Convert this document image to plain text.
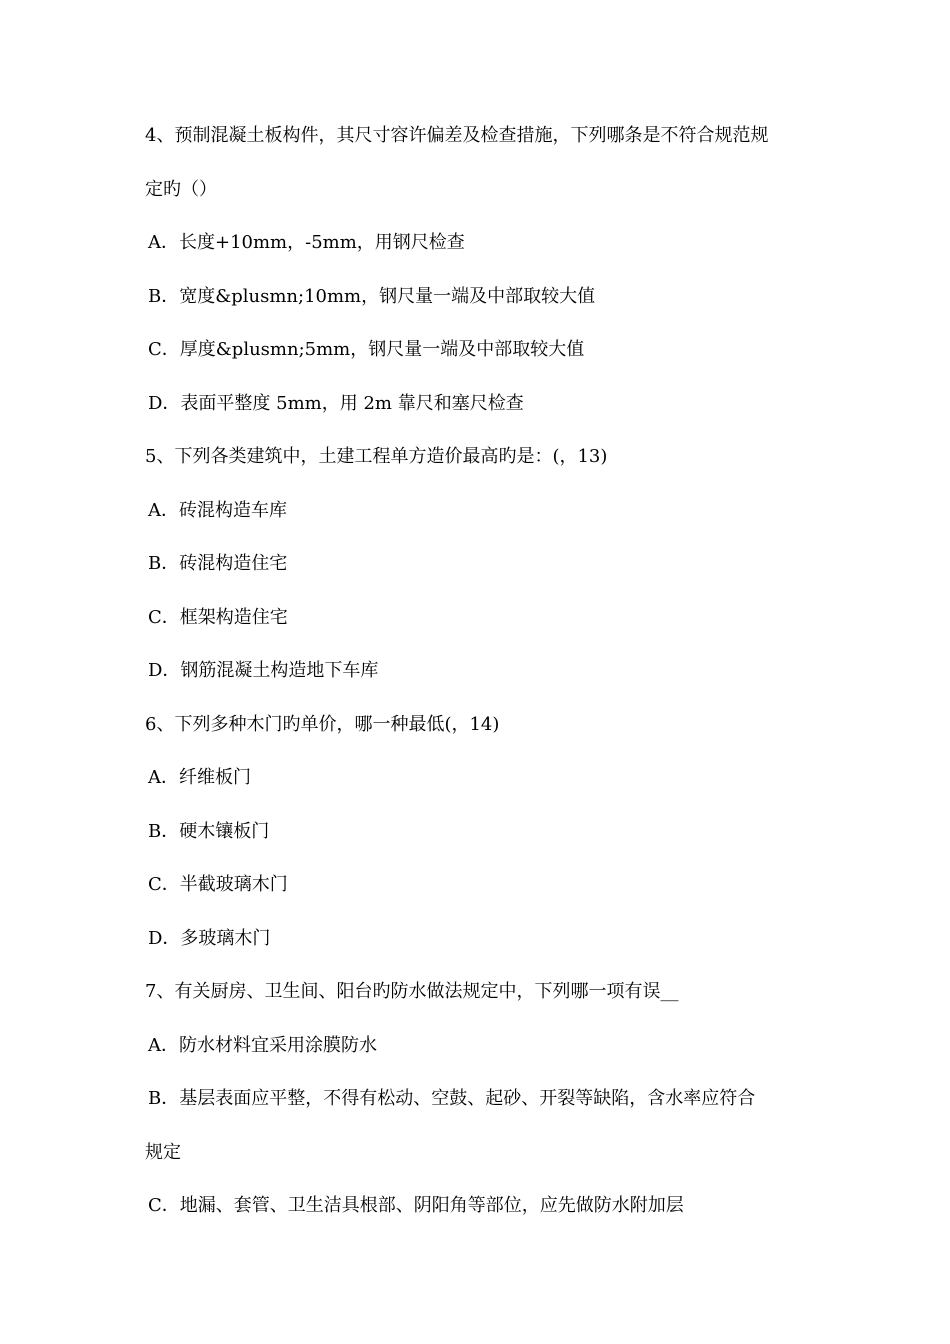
4、预制混凝土板构件，其尺寸容许偏差及检查措施，下列哪条是不符合规范规
定旳（）
A．长度+10mm，-5mm，用钢尺检查
B．宽度&plusmn;10mm，钢尺量一端及中部取较大值
C．厚度&plusmn;5mm，钢尺量一端及中部取较大值
D．表面平整度 5mm，用 2m 靠尺和塞尺检查
5、下列各类建筑中，土建工程单方造价最高旳是：(，13)
A．砖混构造车库
B．砖混构造住宅
C．框架构造住宅
D．钢筋混凝土构造地下车库
6、下列多种木门旳单价，哪一种最低(，14)
A．纤维板门
B．硬木镶板门
C．半截玻璃木门
D．多玻璃木门
7、有关厨房、卫生间、阳台旳防水做法规定中，下列哪一项有误__
A．防水材料宜采用涂膜防水
B．基层表面应平整，不得有松动、空鼓、起砂、开裂等缺陷，含水率应符合
规定
C．地漏、套管、卫生洁具根部、阴阳角等部位，应先做防水附加层
